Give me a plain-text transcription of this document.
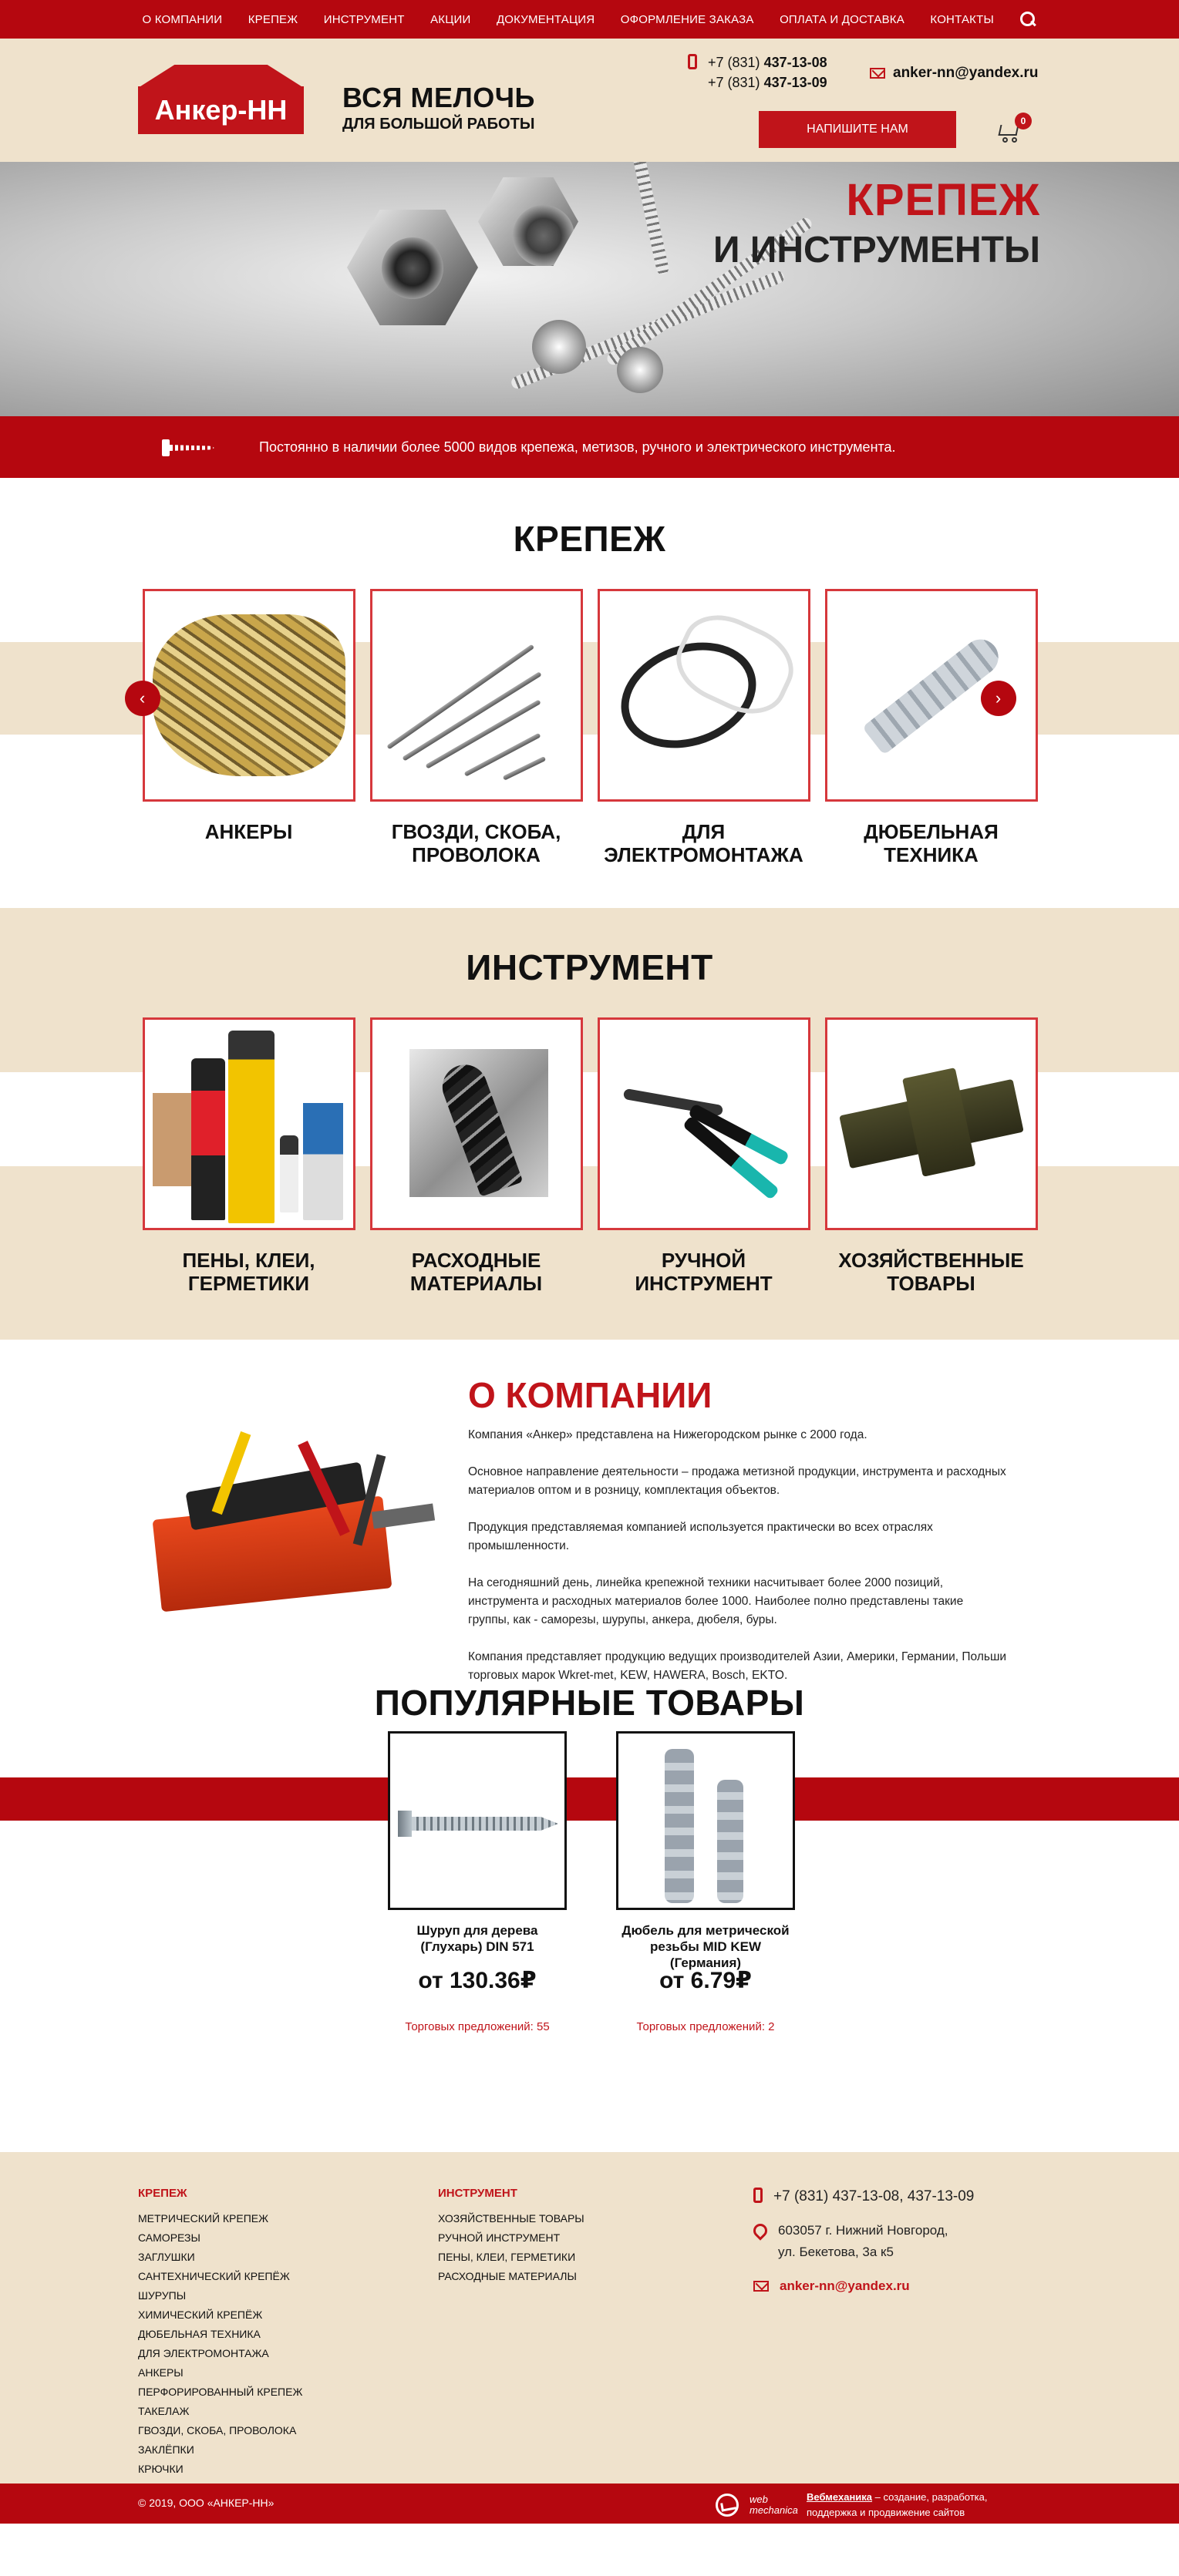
О КОМПАНИИ КРЕПЕЖ ИНСТРУМЕНТ АКЦИИ ДОКУМЕНТАЦИЯ ОФОРМЛЕНИЕ ЗАКАЗА ОПЛАТА И ДОСТАВКА КОНТАКТЫ
Анкер-НН	ВСЯ МЕЛОЧЬ
ДЛЯ БОЛЬШОЙ РАБОТЫ
+7 (831) 437-13-08
+7 (831) 437-13-09
anker-nn@yandex.ru
НАПИШИТЕ НАМ
0
КРЕПЕЖ
И ИНСТРУМЕНТЫ
Постоянно в наличии более 5000 видов крепежа, метизов, ручного и электрического инструмента.
КРЕПЕЖ
АНКЕРЫ	ГВОЗДИ, СКОБА, ПРОВОЛОКА
ДЛЯ ЭЛЕКТРОМОНТАЖА
ДЮБЕЛЬНАЯ ТЕХНИКА
‹	›
ИНСТРУМЕНТ
ПЕНЫ, КЛЕИ, ГЕРМЕТИКИ
РАСХОДНЫЕ МАТЕРИАЛЫ
РУЧНОЙ ИНСТРУМЕНТ
ХОЗЯЙСТВЕННЫЕ ТОВАРЫ
О КОМПАНИИ

Компания «Анкер» представлена на Нижегородском рынке с 2000 года.

Основное направление деятельности – продажа метизной продукции, инструмента и расходных материалов оптом и в розницу, комплектация объектов.

Продукция представляемая компанией используется практически во всех отраслях промышленности.

На сегодняшний день, линейка крепежной техники насчитывает более 2000 позиций, инструмента и расходных материалов более 1000. Наиболее полно представлены такие группы, как - саморезы, шурупы, анкера, дюбеля, буры.

Компания представляет продукцию ведущих производителей Азии, Америки, Германии, Польши торговых марок Wkret-met, KEW, HAWERA, Bosch, EKTO.

ПОПУЛЯРНЫЕ ТОВАРЫ
Шуруп для дерева (Глухарь) DIN 571
от 130.36₽
Торговых предложений: 55
Дюбель для метрической резьбы MID KEW (Германия)
от 6.79₽
Торговых предложений: 2
КРЕПЕЖ
МЕТРИЧЕСКИЙ КРЕПЕЖ
САМОРЕЗЫ
ЗАГЛУШКИ
САНТЕХНИЧЕСКИЙ КРЕПЁЖ
ШУРУПЫ
ХИМИЧЕСКИЙ КРЕПЁЖ
ДЮБЕЛЬНАЯ ТЕХНИКА
ДЛЯ ЭЛЕКТРОМОНТАЖА
АНКЕРЫ
ПЕРФОРИРОВАННЫЙ КРЕПЕЖ
ТАКЕЛАЖ
ГВОЗДИ, СКОБА, ПРОВОЛОКА
ЗАКЛЁПКИ
КРЮЧКИ
ИНСТРУМЕНТ
ХОЗЯЙСТВЕННЫЕ ТОВАРЫ
РУЧНОЙ ИНСТРУМЕНТ
ПЕНЫ, КЛЕИ, ГЕРМЕТИКИ
РАСХОДНЫЕ МАТЕРИАЛЫ
+7 (831) 437-13-08, 437-13-09
603057 г. Нижний Новгород,
ул. Бекетова, 3а к5
anker-nn@yandex.ru
© 2019, ООО «АНКЕР-НН»	web mechanica
Вебмеханика – создание, разработка, поддержка и продвижение сайтов
